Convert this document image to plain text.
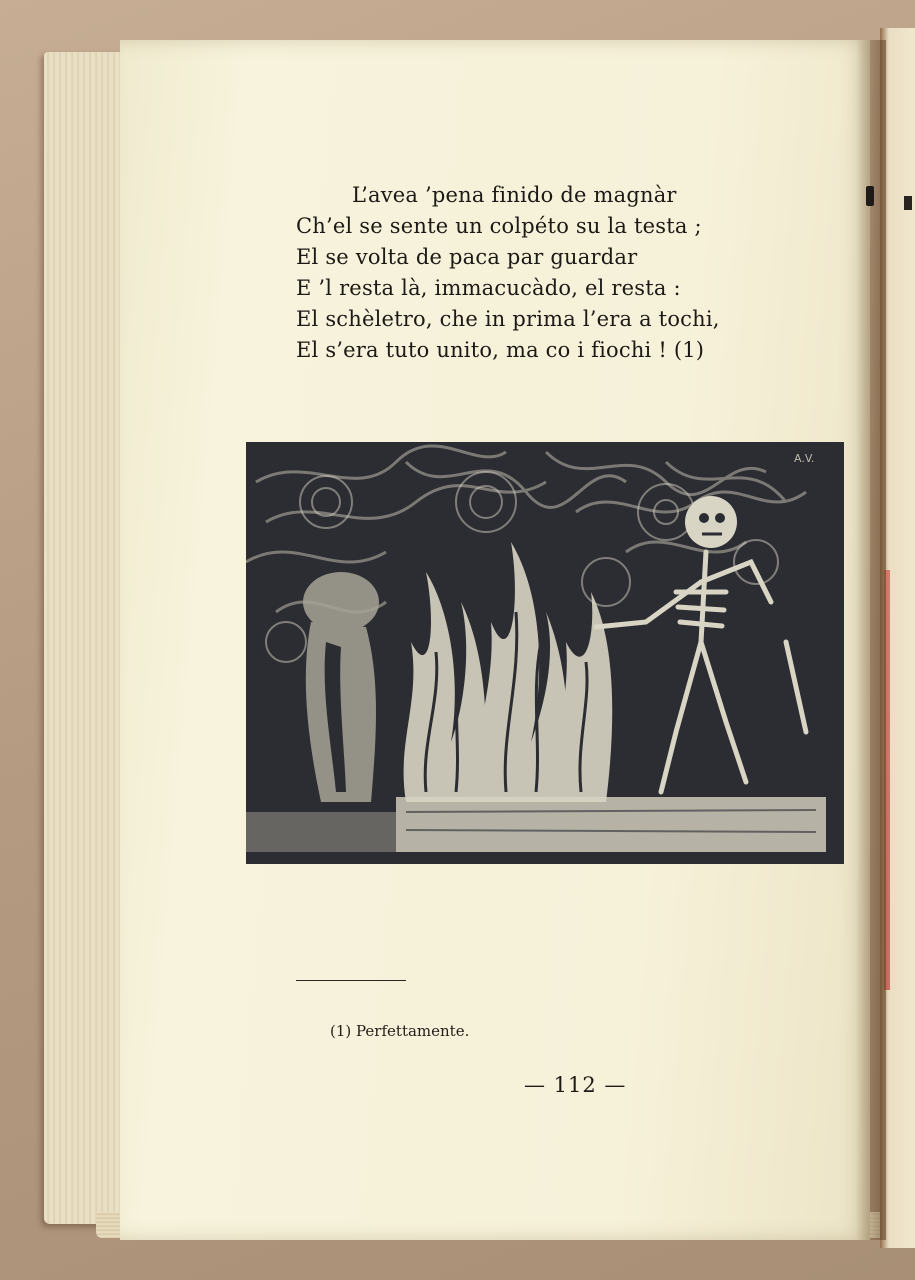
L’avea ’pena finido de magnàr
Ch’el se sente un colpéto su la testa ;
El se volta de paca par guardar
E ’l resta là, immacucàdo, el resta :
El schèletro, che in prima l’era a tochi,
El s’era tuto unito, ma co i fiochi ! (1)
A.V.
(1) Perfettamente.
— 112 —
